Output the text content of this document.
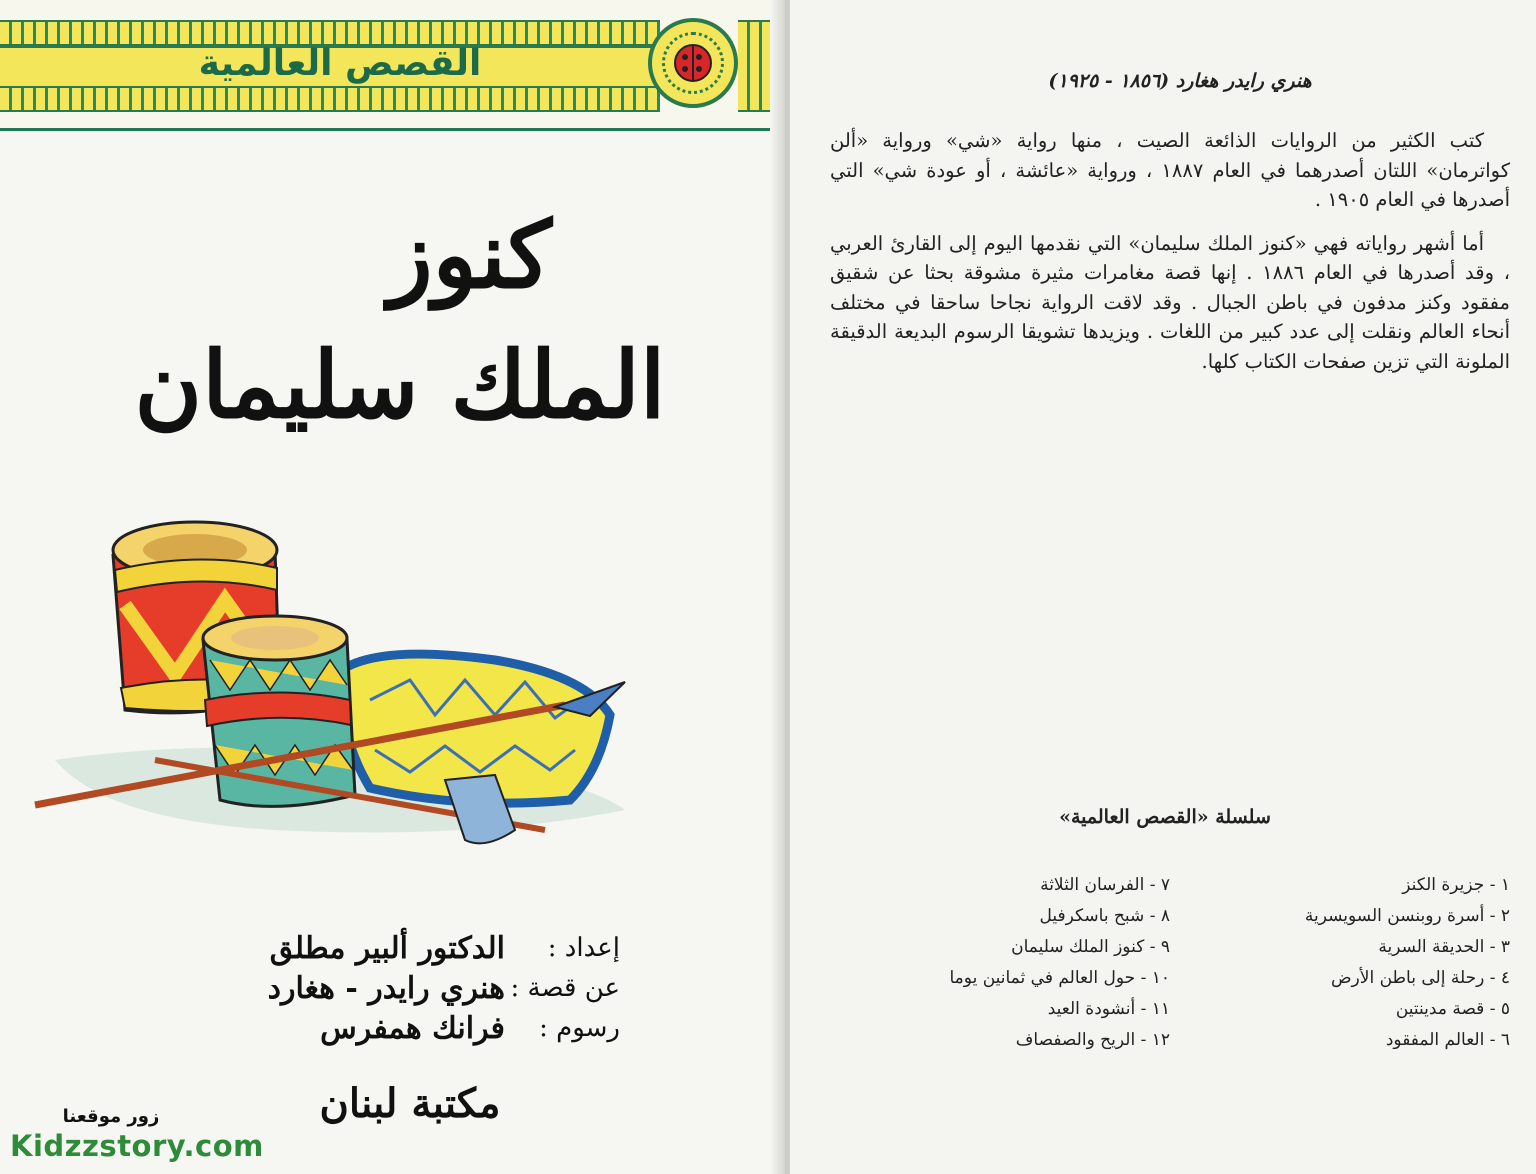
القصص العالمية
كنوز
الملك سليمان
إعداد :
الدكتور ألبير مطلق
عن قصة :
هنري رايدر - هغارد
رسوم :
فرانك همفرس
مكتبة لبنان
زور موقعنا
Kidzzstory.com
هنري رايدر هغارد (١٨٥٦ - ١٩٢٥)

كتب الكثير من الروايات الذائعة الصيت ، منها رواية «شي» ورواية «ألن كواترمان» اللتان أصدرهما في العام ١٨٨٧ ، ورواية «عائشة ، أو عودة شي» التي أصدرها في العام ١٩٠٥ .

أما أشهر رواياته فهي «كنوز الملك سليمان» التي نقدمها اليوم إلى القارئ العربي ، وقد أصدرها في العام ١٨٨٦ . إنها قصة مغامرات مثيرة مشوقة بحثا عن شقيق مفقود وكنز مدفون في باطن الجبال . وقد لاقت الرواية نجاحا ساحقا في مختلف أنحاء العالم ونقلت إلى عدد كبير من اللغات . ويزيدها تشويقا الرسوم البديعة الدقيقة الملونة التي تزين صفحات الكتاب كلها.

سلسلة «القصص العالمية»
١ - جزيرة الكنز
٢ - أسرة روبنسن السويسرية
٣ - الحديقة السرية
٤ - رحلة إلى باطن الأرض
٥ - قصة مدينتين
٦ - العالم المفقود
٧ - الفرسان الثلاثة
٨ - شبح باسكرفيل
٩ - كنوز الملك سليمان
١٠ - حول العالم في ثمانين يوما
١١ - أنشودة العيد
١٢ - الريح والصفصاف
